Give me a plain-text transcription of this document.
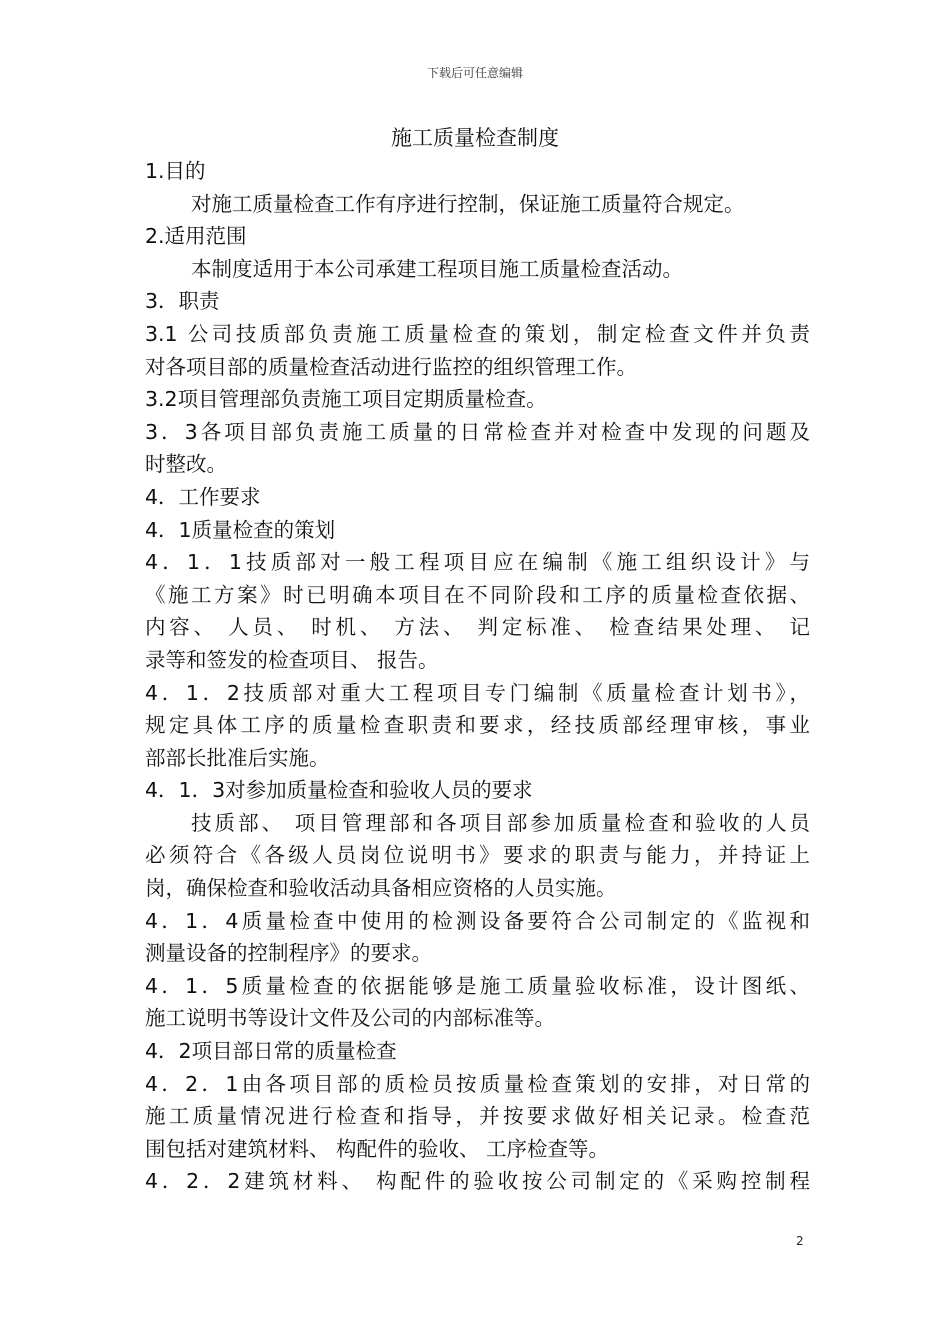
下载后可任意编辑
施工质量检查制度
1.目的
对施工质量检查工作有序进行控制，保证施工质量符合规定。
2.适用范围
本制度适用于本公司承建工程项目施工质量检查活动。
3．职责
3.1 公司技质部负责施工质量检查的策划，制定检查文件并负责
对各项目部的质量检查活动进行监控的组织管理工作。
3.2项目管理部负责施工项目定期质量检查。
3．3各项目部负责施工质量的日常检查并对检查中发现的问题及
时整改。
4．工作要求
4．1质量检查的策划
4．1．1技质部对一般工程项目应在编制《施工组织设计》与
《施工方案》时已明确本项目在不同阶段和工序的质量检查依据、
内容、 人员、 时机、 方法、 判定标准、 检查结果处理、 记
录等和签发的检查项目、 报告。
4．1．2技质部对重大工程项目专门编制《质量检查计划书》，
规定具体工序的质量检查职责和要求，经技质部经理审核，事业
部部长批准后实施。
4．1．3对参加质量检查和验收人员的要求
技质部、 项目管理部和各项目部参加质量检查和验收的人员
必须符合《各级人员岗位说明书》要求的职责与能力，并持证上
岗，确保检查和验收活动具备相应资格的人员实施。
4．1．4质量检查中使用的检测设备要符合公司制定的《监视和
测量设备的控制程序》的要求。
4．1．5质量检查的依据能够是施工质量验收标准，设计图纸、
施工说明书等设计文件及公司的内部标准等。
4．2项目部日常的质量检查
4．2．1由各项目部的质检员按质量检查策划的安排，对日常的
施工质量情况进行检查和指导，并按要求做好相关记录。检查范
围包括对建筑材料、 构配件的验收、 工序检查等。
4．2．2建筑材料、 构配件的验收按公司制定的《采购控制程
2
